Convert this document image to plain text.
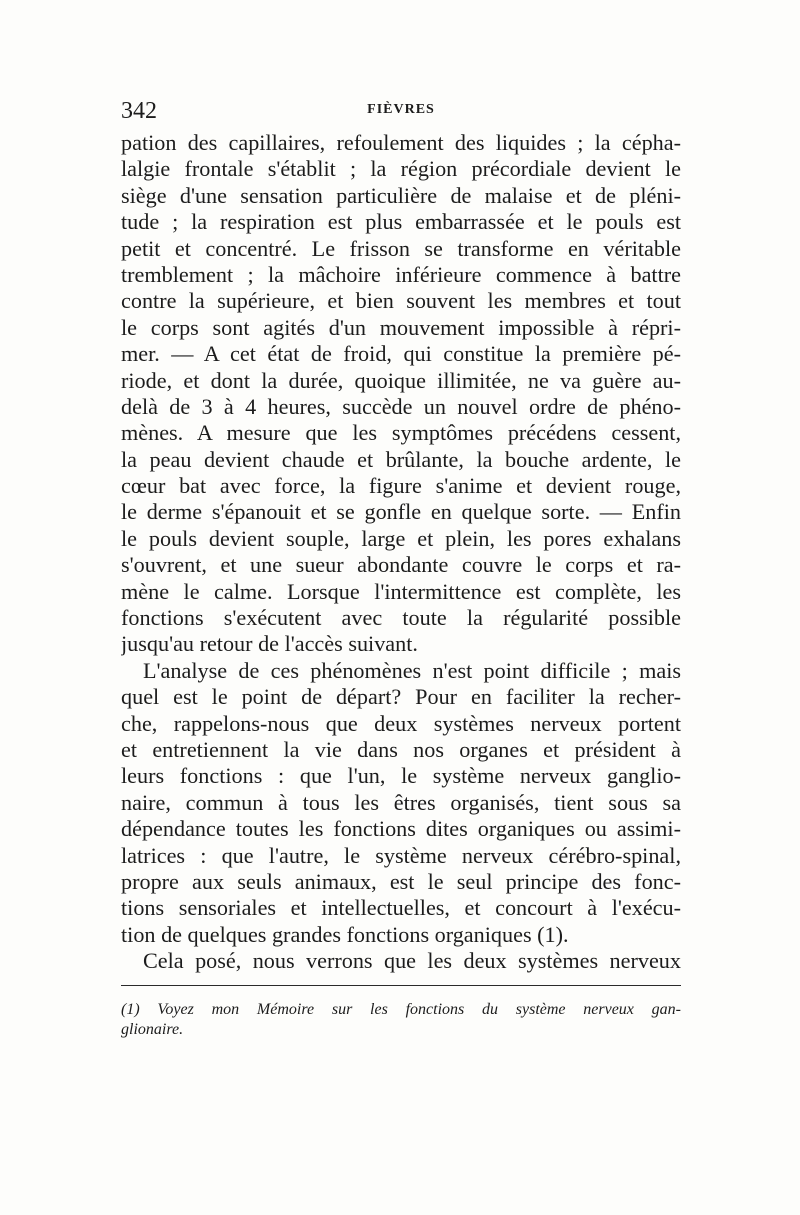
342	FIÈVRES
pation des capillaires, refoulement des liquides ; la cépha-
lalgie frontale s'établit ; la région précordiale devient le
siège d'une sensation particulière de malaise et de pléni-
tude ; la respiration est plus embarrassée et le pouls est
petit et concentré. Le frisson se transforme en véritable
tremblement ; la mâchoire inférieure commence à battre
contre la supérieure, et bien souvent les membres et tout
le corps sont agités d'un mouvement impossible à répri-
mer. — A cet état de froid, qui constitue la première pé-
riode, et dont la durée, quoique illimitée, ne va guère au-
delà de 3 à 4 heures, succède un nouvel ordre de phéno-
mènes. A mesure que les symptômes précédens cessent,
la peau devient chaude et brûlante, la bouche ardente, le
cœur bat avec force, la figure s'anime et devient rouge,
le derme s'épanouit et se gonfle en quelque sorte. — Enfin
le pouls devient souple, large et plein, les pores exhalans
s'ouvrent, et une sueur abondante couvre le corps et ra-
mène le calme. Lorsque l'intermittence est complète, les
fonctions s'exécutent avec toute la régularité possible
jusqu'au retour de l'accès suivant.
L'analyse de ces phénomènes n'est point difficile ; mais
quel est le point de départ? Pour en faciliter la recher-
che, rappelons-nous que deux systèmes nerveux portent
et entretiennent la vie dans nos organes et président à
leurs fonctions : que l'un, le système nerveux ganglio-
naire, commun à tous les êtres organisés, tient sous sa
dépendance toutes les fonctions dites organiques ou assimi-
latrices : que l'autre, le système nerveux cérébro-spinal,
propre aux seuls animaux, est le seul principe des fonc-
tions sensoriales et intellectuelles, et concourt à l'exécu-
tion de quelques grandes fonctions organiques (1).
Cela posé, nous verrons que les deux systèmes nerveux
(1) Voyez mon Mémoire sur les fonctions du système nerveux gan-
glionaire.
